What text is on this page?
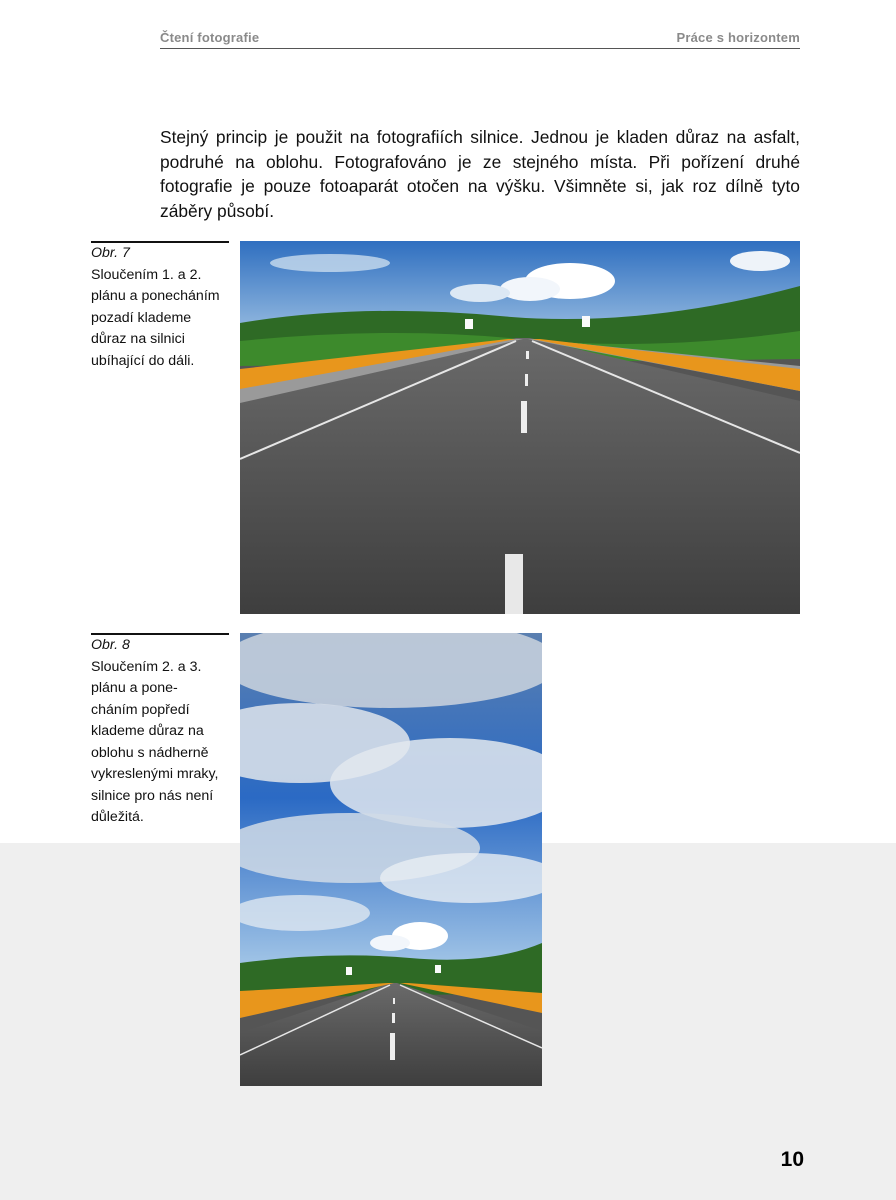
Čtení fotografie	Práce s horizontem
Stejný princip je použit na fotografiích silnice. Jednou je kladen důraz na asfalt, podruhé na oblohu. Fotografováno je ze stejného místa. Při pořízení druhé fotografie je pouze fotoaparát otočen na výšku. Všimněte si, jak roz dílně tyto záběry působí.
Obr. 7
Sloučením 1. a 2.
plánu a ponecháním
pozadí klademe
důraz na silnici
ubíhající do dáli.
Obr. 8
Sloučením 2. a 3.
plánu a pone-
cháním popředí
klademe důraz na
oblohu s nádherně
vykreslenými mraky,
silnice pro nás není
důležitá.
10
